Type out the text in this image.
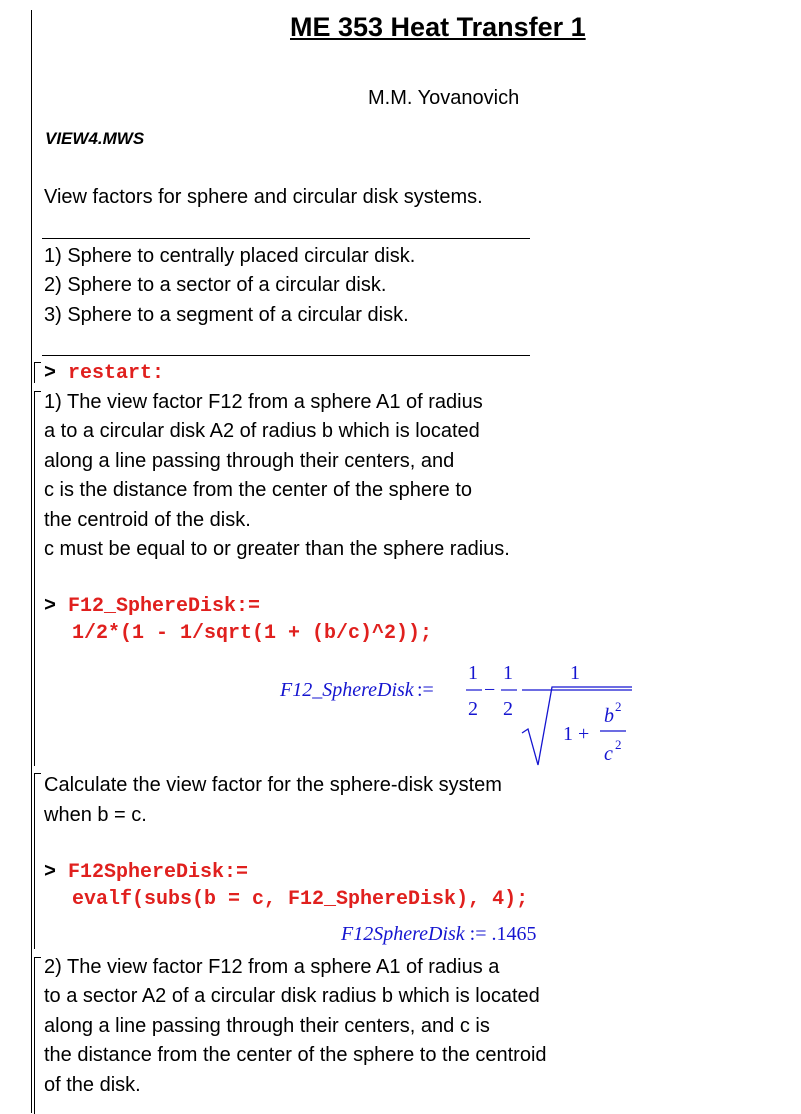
ME 353 Heat Transfer 1
M.M. Yovanovich
VIEW4.MWS
View factors for sphere and circular disk systems.
1) Sphere to centrally placed circular disk.
2) Sphere to a sector of a circular disk.
3) Sphere to a segment of a circular disk.
> restart:
1) The view factor F12 from a sphere A1 of radius
a to a circular disk A2 of radius b which is located
along a line passing through their centers, and
c is the distance from the center of the sphere to
the centroid of the disk.
c must be equal to or greater than the sphere radius.
> F12_SphereDisk:=
1/2*(1 - 1/sqrt(1 + (b/c)^2));
F12_SphereDisk :=
1
2
−
1
2
1
1 +
b 2
c 2
Calculate the view factor for the sphere-disk system
when b = c.
> F12SphereDisk:=
evalf(subs(b = c, F12_SphereDisk), 4);
F12SphereDisk := .1465
2) The view factor F12 from a sphere A1 of radius a
to a sector A2 of a circular disk radius b which is located
along a line passing through their centers, and c is
the distance from the center of the sphere to the centroid
of the disk.
